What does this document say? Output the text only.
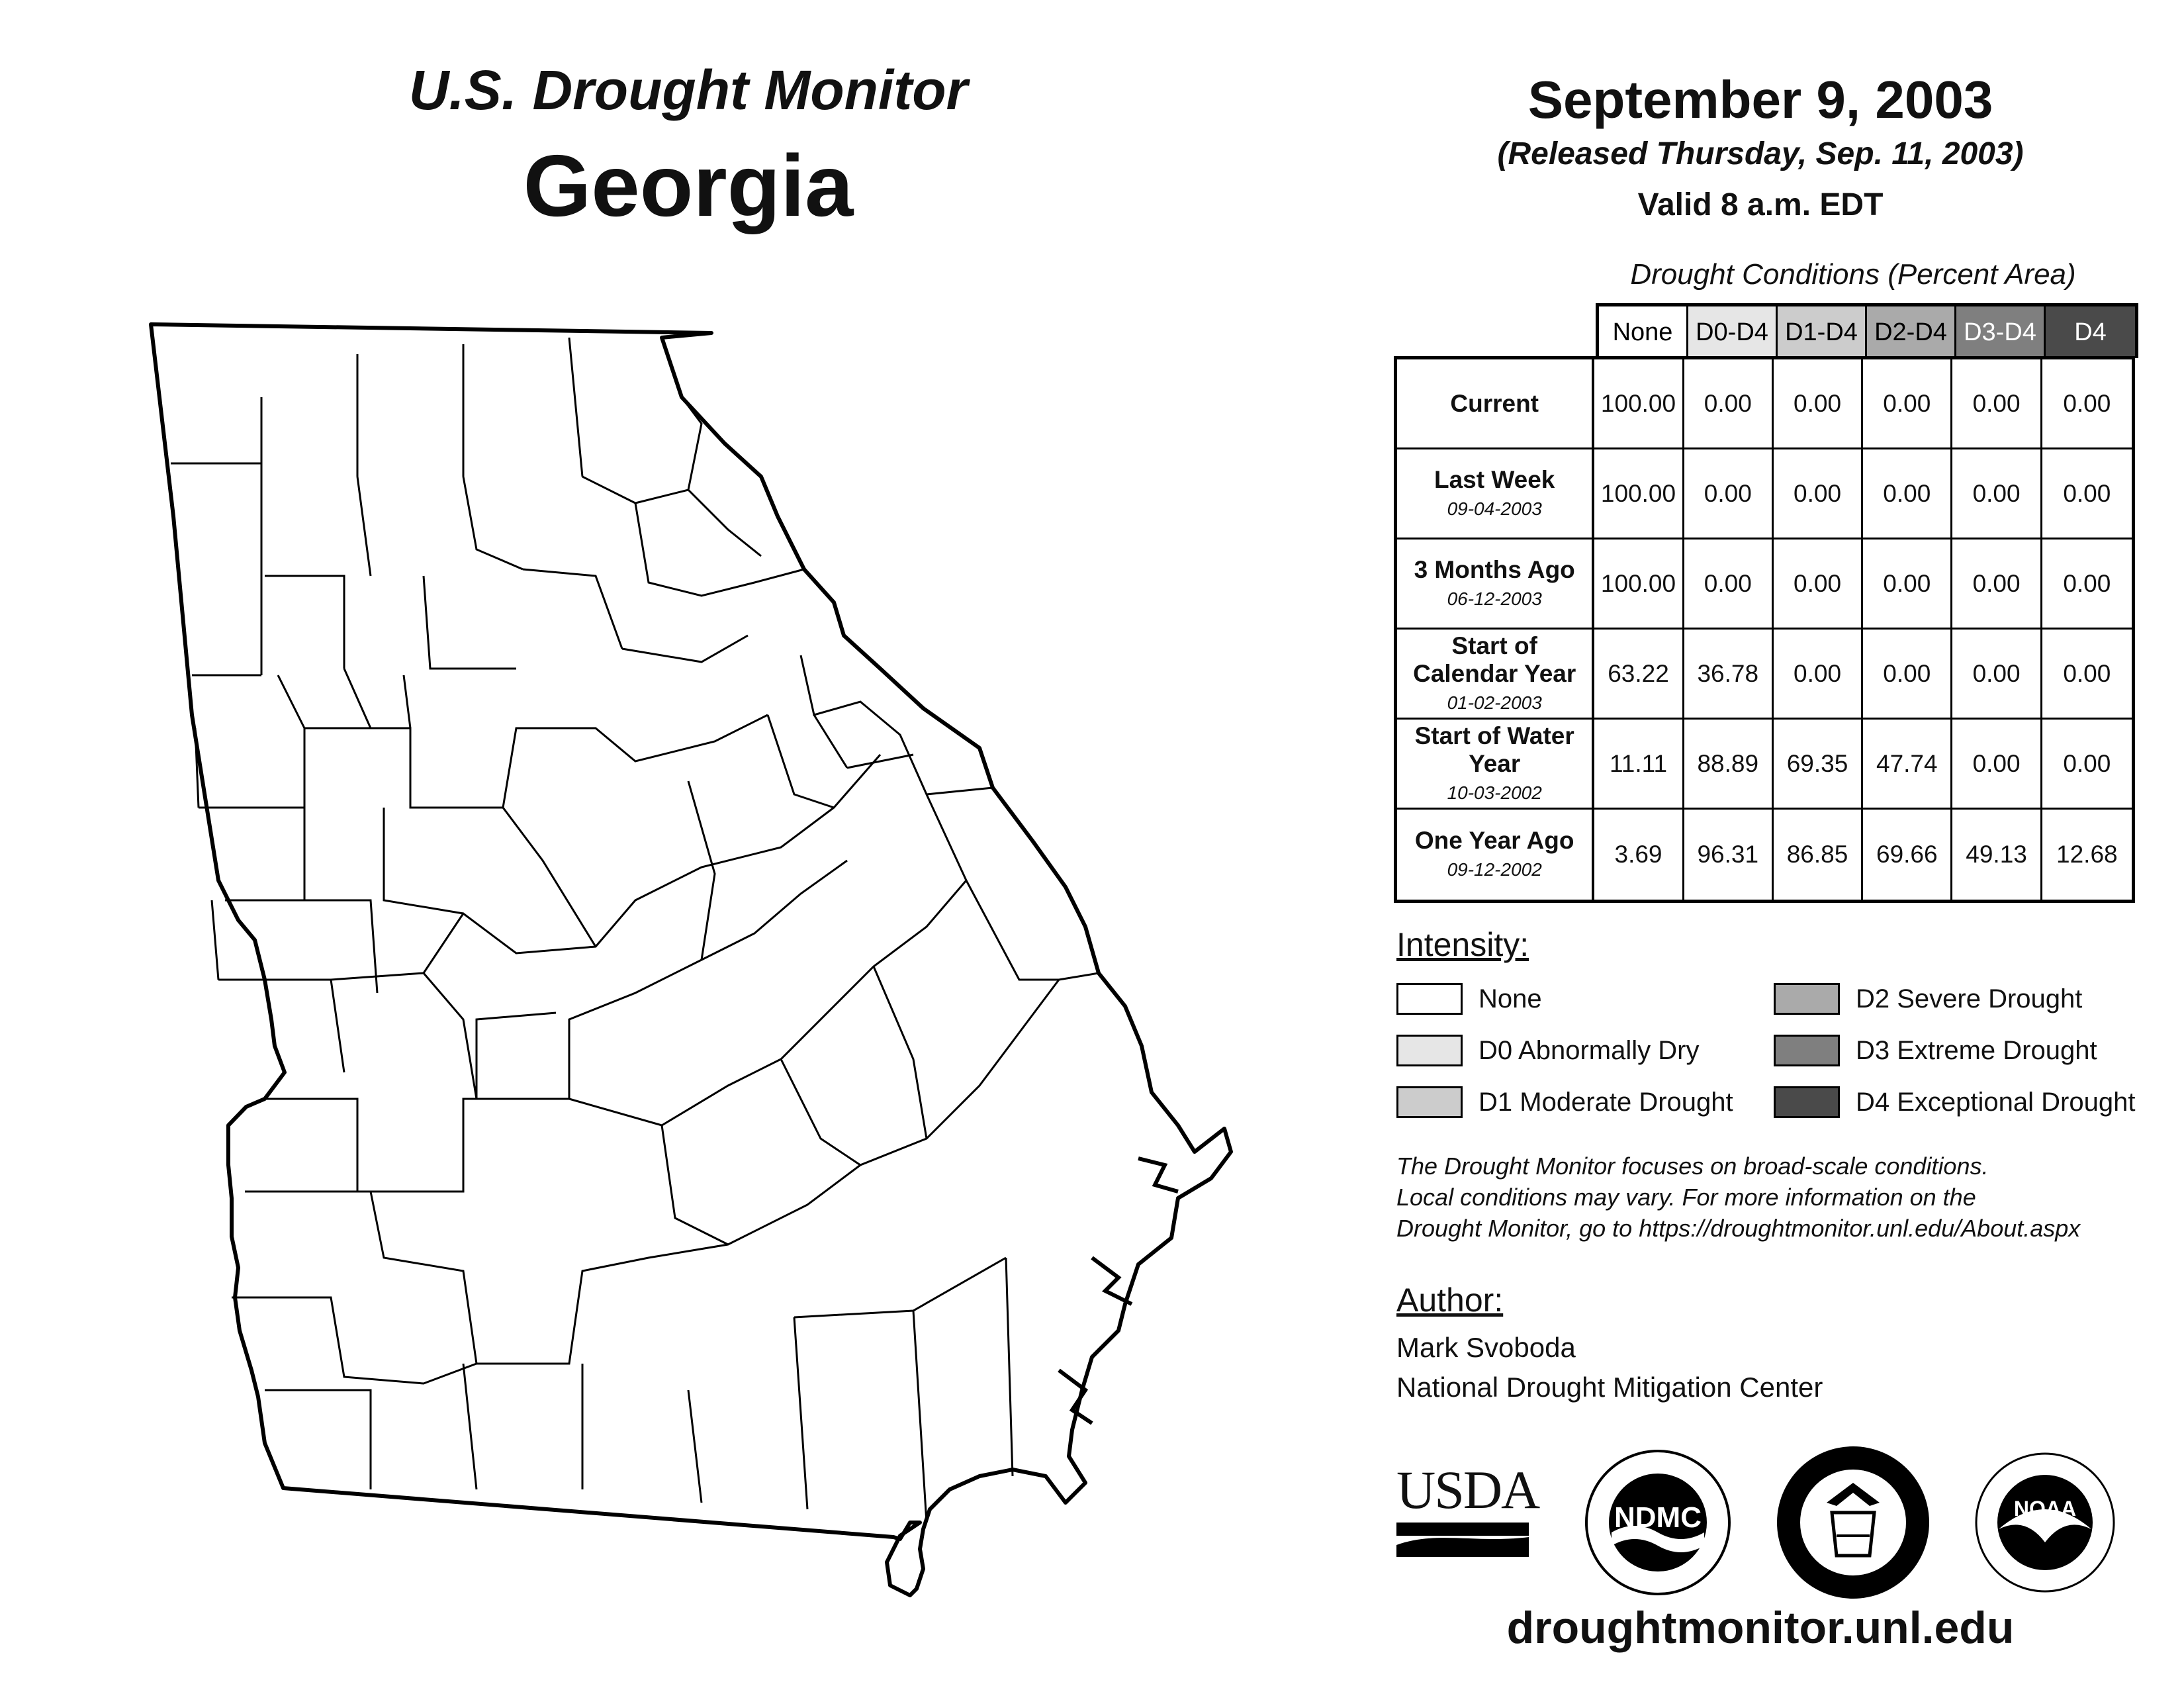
U.S. Drought Monitor
Georgia
September 9, 2003
(Released Thursday, Sep. 11, 2003)
Valid 8 a.m. EDT
Drought Conditions (Percent Area)
None D0-D4 D1-D4 D2-D4 D3-D4	D4
Current	100.00	0.00	0.00	0.00	0.00	0.00
Last Week
09-04-2003
100.00	0.00	0.00	0.00	0.00	0.00
3 Months Ago
06-12-2003
100.00	0.00	0.00	0.00	0.00	0.00
Start of Calendar Year
01-02-2003
63.22	36.78	0.00	0.00	0.00	0.00
Start of Water Year
10-03-2002
11.11	88.89	69.35	47.74	0.00	0.00
One Year Ago
09-12-2002
3.69	96.31	86.85	69.66	49.13	12.68
Intensity:
None
D0 Abnormally Dry
D1 Moderate Drought
D2 Severe Drought
D3 Extreme Drought
D4 Exceptional Drought
The Drought Monitor focuses on broad-scale conditions.
Local conditions may vary. For more information on the
Drought Monitor, go to https://droughtmonitor.unl.edu/About.aspx
Author:
Mark Svoboda
National Drought Mitigation Center
USDA	NDMC	NOAA
droughtmonitor.unl.edu
